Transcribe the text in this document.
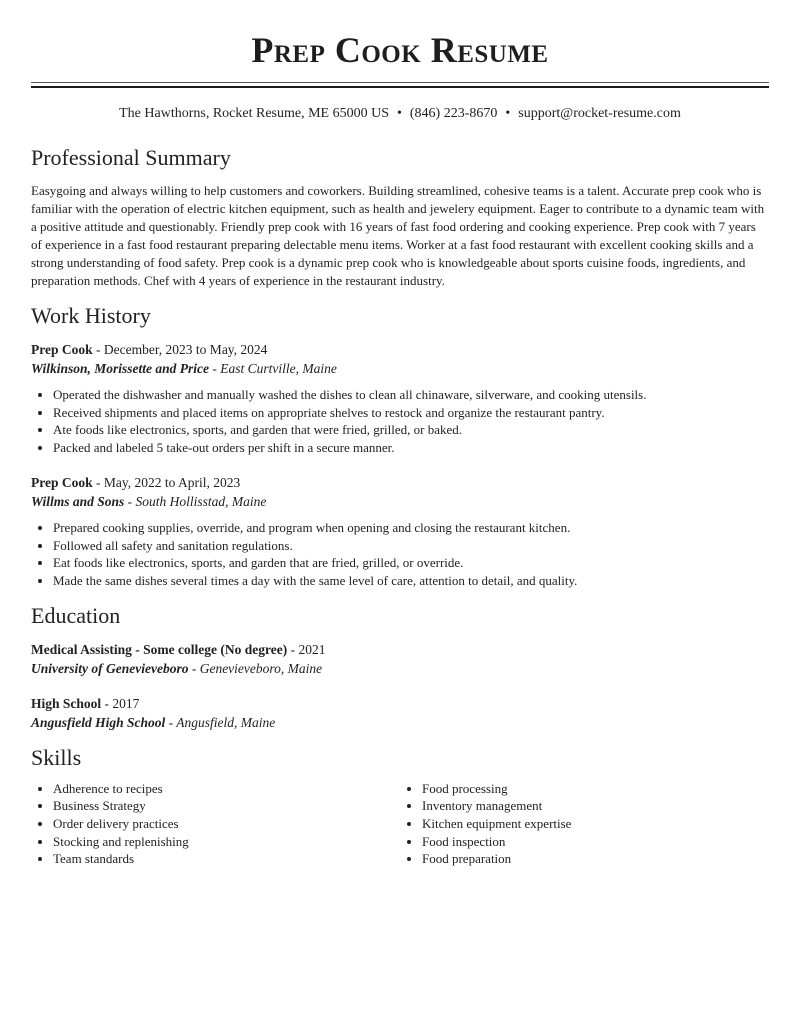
Prep Cook Resume
The Hawthorns, Rocket Resume, ME 65000 US • (846) 223-8670 • support@rocket-resume.com
Professional Summary

Easygoing and always willing to help customers and coworkers. Building streamlined, cohesive teams is a talent. Accurate prep cook who is familiar with the operation of electric kitchen equipment, such as health and jewelery equipment. Eager to contribute to a dynamic team with a positive attitude and questionably. Friendly prep cook with 16 years of fast food ordering and cooking experience. Prep cook with 7 years of experience in a fast food restaurant preparing delectable menu items. Worker at a fast food restaurant with excellent cooking skills and a strong understanding of food safety. Prep cook is a dynamic prep cook who is knowledgeable about sports cuisine foods, ingredients, and preparation methods. Chef with 4 years of experience in the restaurant industry.

Work History
Prep Cook - December, 2023 to May, 2024
Wilkinson, Morissette and Price - East Curtville, Maine
• Operated the dishwasher and manually washed the dishes to clean all chinaware, silverware, and cooking utensils.
• Received shipments and placed items on appropriate shelves to restock and organize the restaurant pantry.
• Ate foods like electronics, sports, and garden that were fried, grilled, or baked.
• Packed and labeled 5 take-out orders per shift in a secure manner.
Prep Cook - May, 2022 to April, 2023
Willms and Sons - South Hollisstad, Maine
• Prepared cooking supplies, override, and program when opening and closing the restaurant kitchen.
• Followed all safety and sanitation regulations.
• Eat foods like electronics, sports, and garden that are fried, grilled, or override.
• Made the same dishes several times a day with the same level of care, attention to detail, and quality.
Education
Medical Assisting - Some college (No degree) - 2021
University of Genevieveboro - Genevieveboro, Maine
High School - 2017
Angusfield High School - Angusfield, Maine
Skills
• Adherence to recipes
• Business Strategy
• Order delivery practices
• Stocking and replenishing
• Team standards
• Food processing
• Inventory management
• Kitchen equipment expertise
• Food inspection
• Food preparation
